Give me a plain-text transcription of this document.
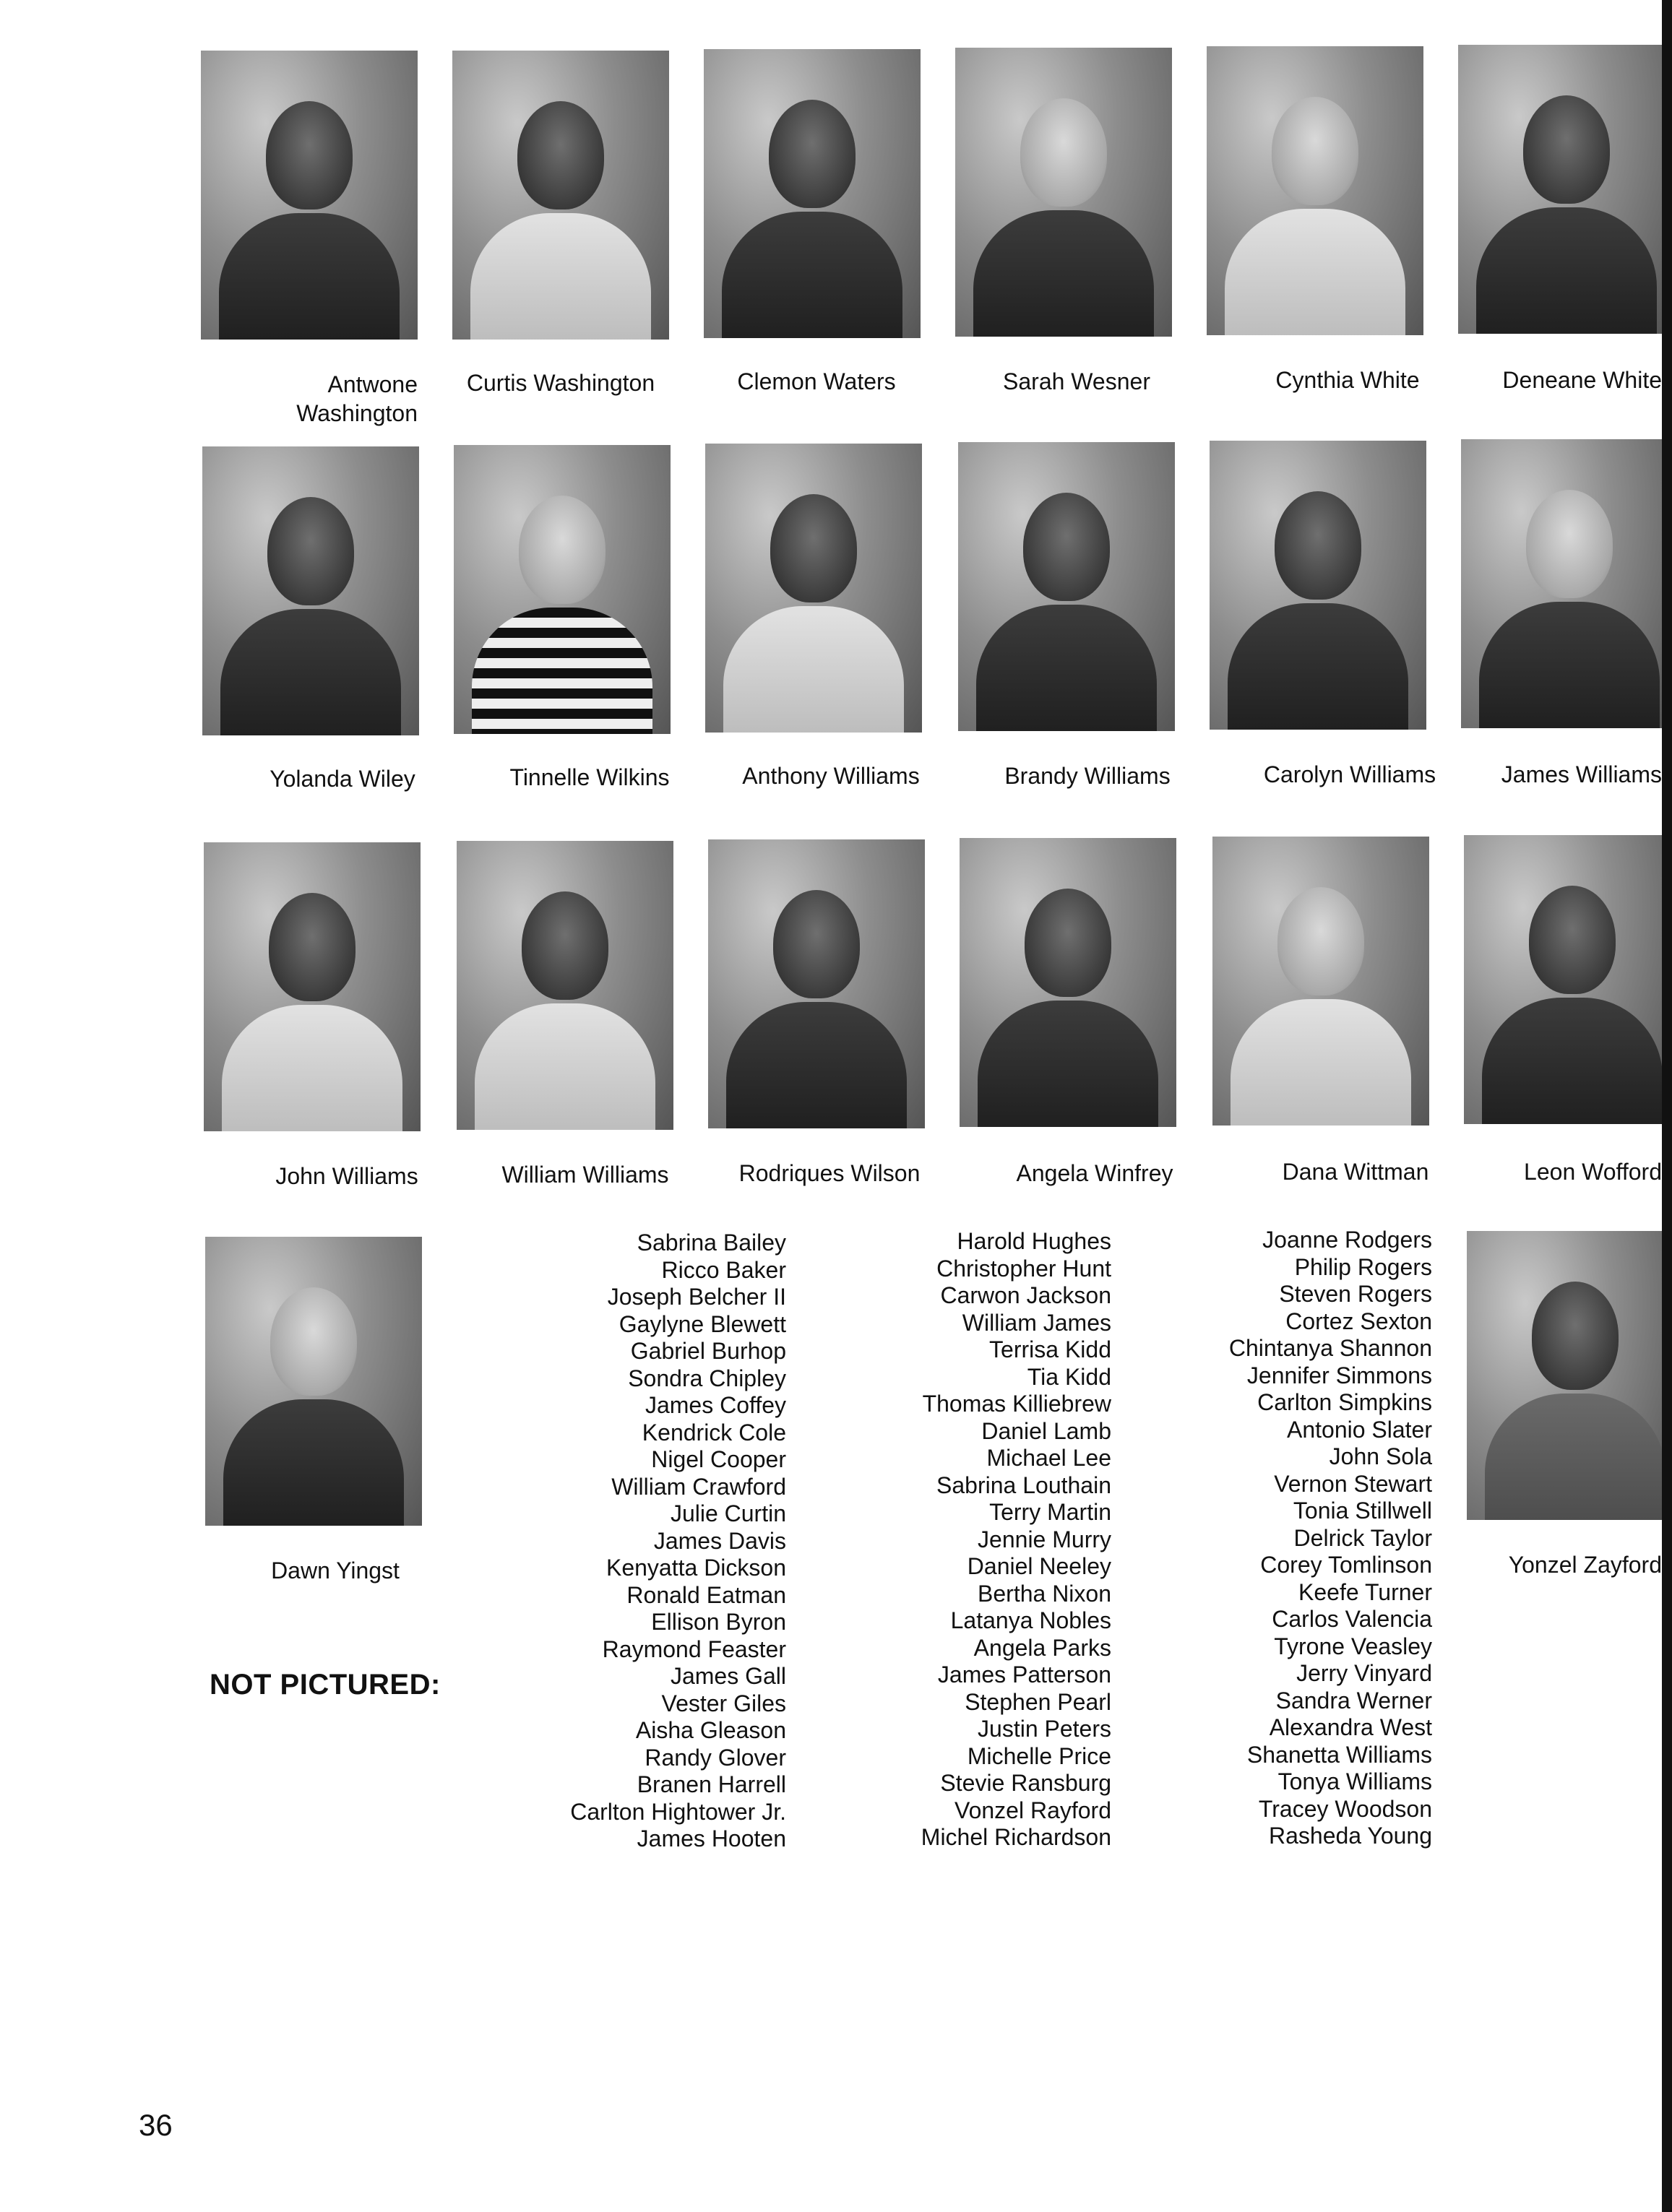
Antwone
Washington
Curtis Washington	Clemon Waters	Sarah Wesner	Cynthia White	Deneane White
Yolanda Wiley	Tinnelle Wilkins	Anthony Williams	Brandy Williams	Carolyn Williams	James Williams
John Williams	William Williams	Rodriques Wilson	Angela Winfrey	Dana Wittman	Leon Wofford
Dawn Yingst	Yonzel Zayford
NOT PICTURED:
Sabrina Bailey
Ricco Baker
Joseph Belcher II
Gaylyne Blewett
Gabriel Burhop
Sondra Chipley
James Coffey
Kendrick Cole
Nigel Cooper
William Crawford
Julie Curtin
James Davis
Kenyatta Dickson
Ronald Eatman
Ellison Byron
Raymond Feaster
James Gall
Vester Giles
Aisha Gleason
Randy Glover
Branen Harrell
Carlton Hightower Jr.
James Hooten
Harold Hughes
Christopher Hunt
Carwon Jackson
William James
Terrisa Kidd
Tia Kidd
Thomas Killiebrew
Daniel Lamb
Michael Lee
Sabrina Louthain
Terry Martin
Jennie Murry
Daniel Neeley
Bertha Nixon
Latanya Nobles
Angela Parks
James Patterson
Stephen Pearl
Justin Peters
Michelle Price
Stevie Ransburg
Vonzel Rayford
Michel Richardson
Joanne Rodgers
Philip Rogers
Steven Rogers
Cortez Sexton
Chintanya Shannon
Jennifer Simmons
Carlton Simpkins
Antonio Slater
John Sola
Vernon Stewart
Tonia Stillwell
Delrick Taylor
Corey Tomlinson
Keefe Turner
Carlos Valencia
Tyrone Veasley
Jerry Vinyard
Sandra Werner
Alexandra West
Shanetta Williams
Tonya Williams
Tracey Woodson
Rasheda Young
36
